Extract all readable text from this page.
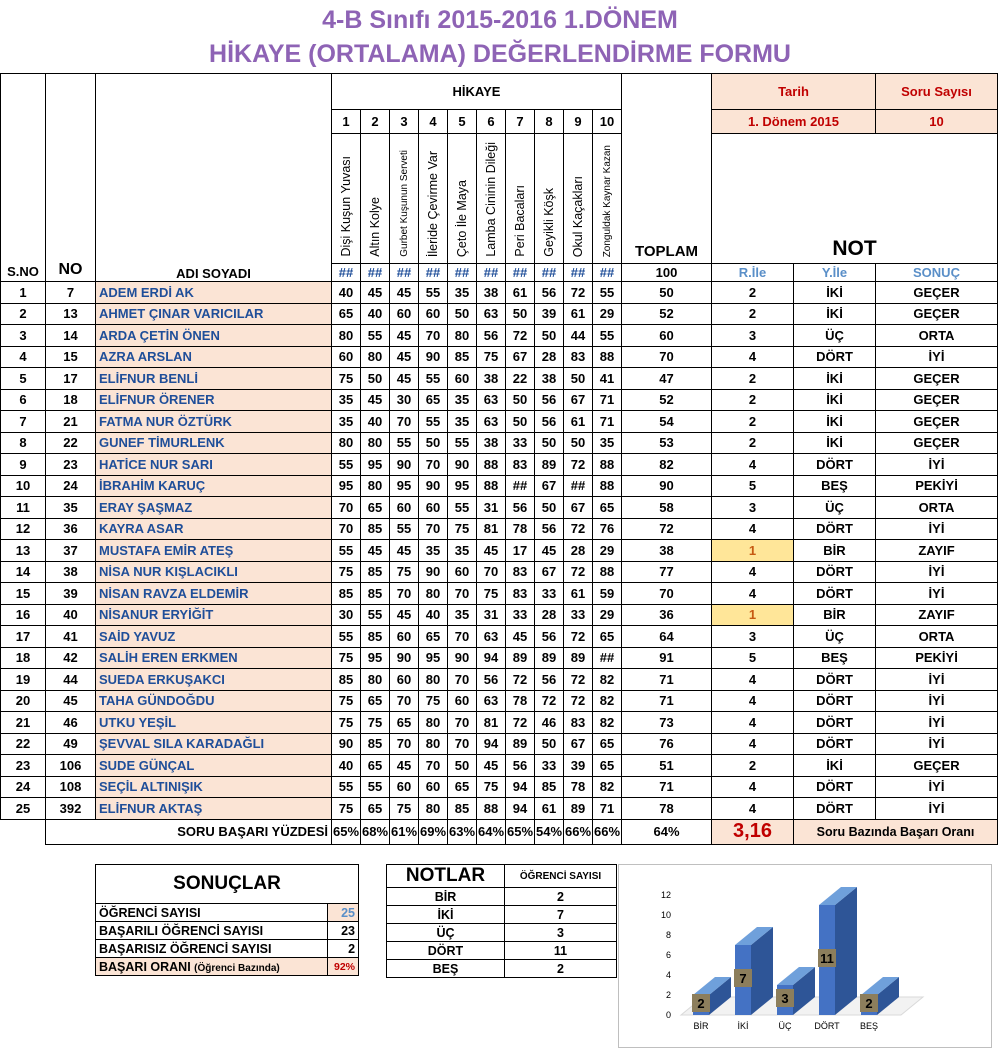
4-B Sınıfı 2015-2016 1.DÖNEM
HİKAYE (ORTALAMA) DEĞERLENDİRME FORMU
S.NO	NO	ADI SOYADI	HİKAYE										TOPLAM	Tarih		Soru Sayısı
			1	2	3	4	5	6	7	8	9	10		1. Dönem 2015		10
			Dişi Kuşun Yuvası	Altın Kolye	Gurbet Kuşunun Serveti	İleride Çevirme Var	Çeto İle Maya	Lamba Cininin Dileği	Peri Bacaları	Geyikli Köşk	Okul Kaçakları	Zonguldak Kaynar Kazan		NOT		
			##	##	##	##	##	##	##	##	##	##	100	R.İle	Y.İle	SONUÇ
1	7	ADEM ERDİ AK	40	45	45	55	35	38	61	56	72	55	50	2	İKİ	GEÇER
2	13	AHMET ÇINAR VARICILAR	65	40	60	60	50	63	50	39	61	29	52	2	İKİ	GEÇER
3	14	ARDA ÇETİN ÖNEN	80	55	45	70	80	56	72	50	44	55	60	3	ÜÇ	ORTA
4	15	AZRA ARSLAN	60	80	45	90	85	75	67	28	83	88	70	4	DÖRT	İYİ
5	17	ELİFNUR BENLİ	75	50	45	55	60	38	22	38	50	41	47	2	İKİ	GEÇER
6	18	ELİFNUR ÖRENER	35	45	30	65	35	63	50	56	67	71	52	2	İKİ	GEÇER
7	21	FATMA NUR ÖZTÜRK	35	40	70	55	35	63	50	56	61	71	54	2	İKİ	GEÇER
8	22	GUNEF TİMURLENK	80	80	55	50	55	38	33	50	50	35	53	2	İKİ	GEÇER
9	23	HATİCE NUR SARI	55	95	90	70	90	88	83	89	72	88	82	4	DÖRT	İYİ
10	24	İBRAHİM KARUÇ	95	80	95	90	95	88	##	67	##	88	90	5	BEŞ	PEKİYİ
11	35	ERAY ŞAŞMAZ	70	65	60	60	55	31	56	50	67	65	58	3	ÜÇ	ORTA
12	36	KAYRA ASAR	70	85	55	70	75	81	78	56	72	76	72	4	DÖRT	İYİ
13	37	MUSTAFA EMİR ATEŞ	55	45	45	35	35	45	17	45	28	29	38	1	BİR	ZAYIF
14	38	NİSA NUR KIŞLACIKLI	75	85	75	90	60	70	83	67	72	88	77	4	DÖRT	İYİ
15	39	NİSAN RAVZA ELDEMİR	85	85	70	80	70	75	83	33	61	59	70	4	DÖRT	İYİ
16	40	NİSANUR ERYİĞİT	30	55	45	40	35	31	33	28	33	29	36	1	BİR	ZAYIF
17	41	SAİD YAVUZ	55	85	60	65	70	63	45	56	72	65	64	3	ÜÇ	ORTA
18	42	SALİH EREN ERKMEN	75	95	90	95	90	94	89	89	89	##	91	5	BEŞ	PEKİYİ
19	44	SUEDA ERKUŞAKCI	85	80	60	80	70	56	72	56	72	82	71	4	DÖRT	İYİ
20	45	TAHA GÜNDOĞDU	75	65	70	75	60	63	78	72	72	82	71	4	DÖRT	İYİ
21	46	UTKU YEŞİL	75	75	65	80	70	81	72	46	83	82	73	4	DÖRT	İYİ
22	49	ŞEVVAL SILA KARADAĞLI	90	85	70	80	70	94	89	50	67	65	76	4	DÖRT	İYİ
23	106	SUDE GÜNÇAL	40	65	45	70	50	45	56	33	39	65	51	2	İKİ	GEÇER
24	108	SEÇİL ALTINIŞIK	55	55	60	60	65	75	94	85	78	82	71	4	DÖRT	İYİ
25	392	ELİFNUR AKTAŞ	75	65	75	80	85	88	94	61	89	71	78	4	DÖRT	İYİ
	SORU BAŞARI YÜZDESİ		65%	68%	61%	69%	63%	64%	65%	54%	66%	66%	64%	3,16	Soru Bazında Başarı Oranı	
SONUÇLAR	
ÖĞRENCİ SAYISI	25
BAŞARILI ÖĞRENCİ SAYISI	23
BAŞARISIZ ÖĞRENCİ SAYISI	2
BAŞARI ORANI (Öğrenci Bazında)	92%
NOTLAR	ÖĞRENCİ SAYISI
BİR	2
İKİ	7
ÜÇ	3
DÖRT	11
BEŞ	2
0
2
4
6
8
10
12
2
BİR
7
İKİ
3
ÜÇ
11
DÖRT
2
BEŞ
